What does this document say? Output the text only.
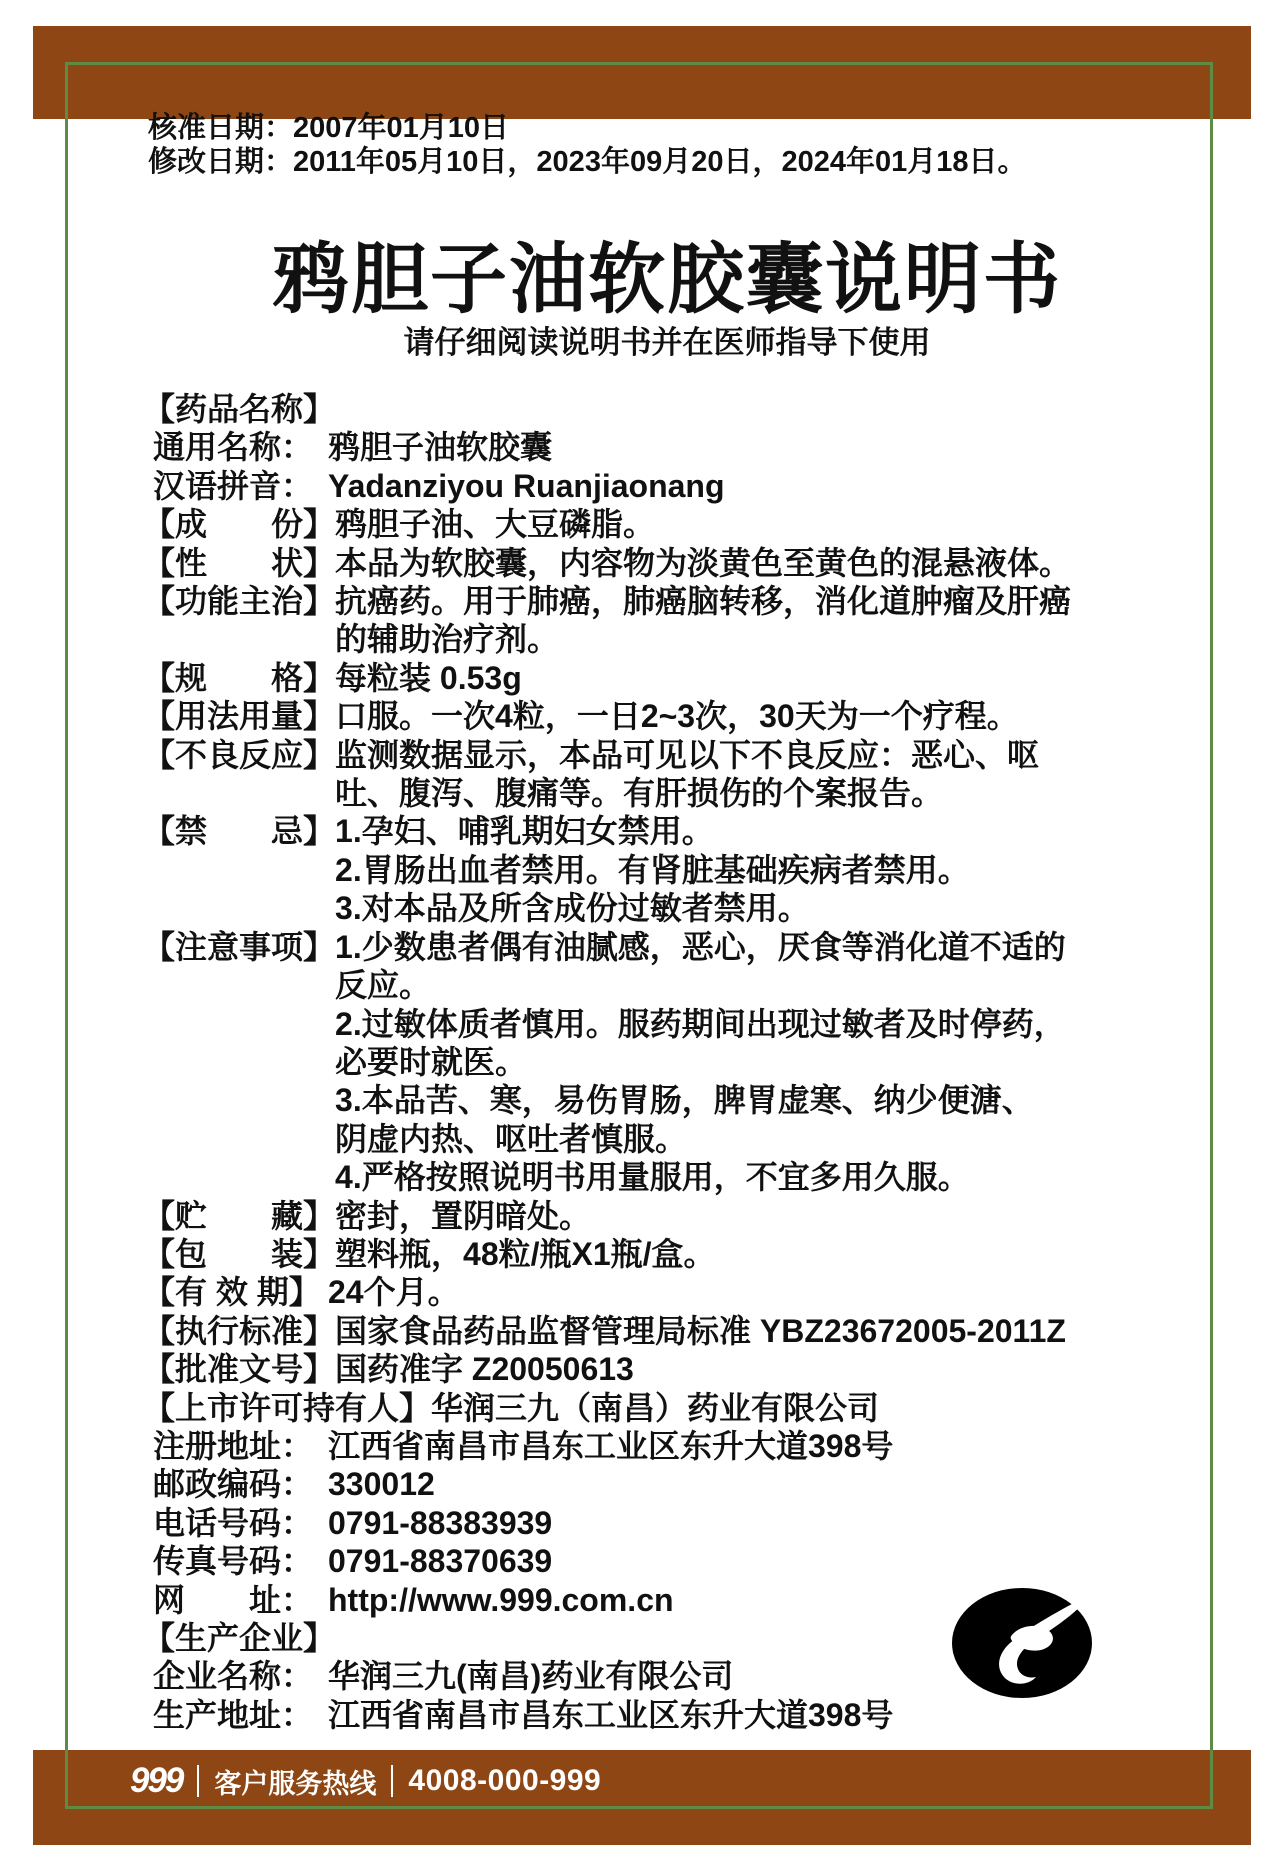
核准日期：2007年01月10日
修改日期：2011年05月10日，2023年09月20日，2024年01月18日。
鸦胆子油软胶囊说明书
请仔细阅读说明书并在医师指导下使用
【药品名称】
通用名称： 鸦胆子油软胶囊
汉语拼音： Yadanziyou Ruanjiaonang
【成　　份】 鸦胆子油、大豆磷脂。
【性　　状】 本品为软胶囊，内容物为淡黄色至黄色的混悬液体。
【功能主治】 抗癌药。用于肺癌，肺癌脑转移，消化道肿瘤及肝癌
的辅助治疗剂。
【规　　格】 每粒装 0.53g
【用法用量】 口服。一次4粒，一日2~3次，30天为一个疗程。
【不良反应】 监测数据显示，本品可见以下不良反应：恶心、呕
吐、腹泻、腹痛等。有肝损伤的个案报告。
【禁　　忌】 1.孕妇、哺乳期妇女禁用。
2.胃肠出血者禁用。有肾脏基础疾病者禁用。
3.对本品及所含成份过敏者禁用。
【注意事项】 1.少数患者偶有油腻感，恶心，厌食等消化道不适的
反应。
2.过敏体质者慎用。服药期间出现过敏者及时停药，
必要时就医。
3.本品苦、寒，易伤胃肠，脾胃虚寒、纳少便溏、
阴虚内热、呕吐者慎服。
4.严格按照说明书用量服用，不宜多用久服。
【贮　　藏】 密封，置阴暗处。
【包　　装】 塑料瓶，48粒/瓶X1瓶/盒。
【有 效 期】 24个月。
【执行标准】 国家食品药品监督管理局标准 YBZ23672005-2011Z
【批准文号】 国药准字 Z20050613
【上市许可持有人】 华润三九（南昌）药业有限公司
注册地址： 江西省南昌市昌东工业区东升大道398号
邮政编码： 330012
电话号码： 0791-88383939
传真号码： 0791-88370639
网　　址： http://www.999.com.cn
【生产企业】
企业名称： 华润三九(南昌)药业有限公司
生产地址： 江西省南昌市昌东工业区东升大道398号
999 客户服务热线 4008-000-999
